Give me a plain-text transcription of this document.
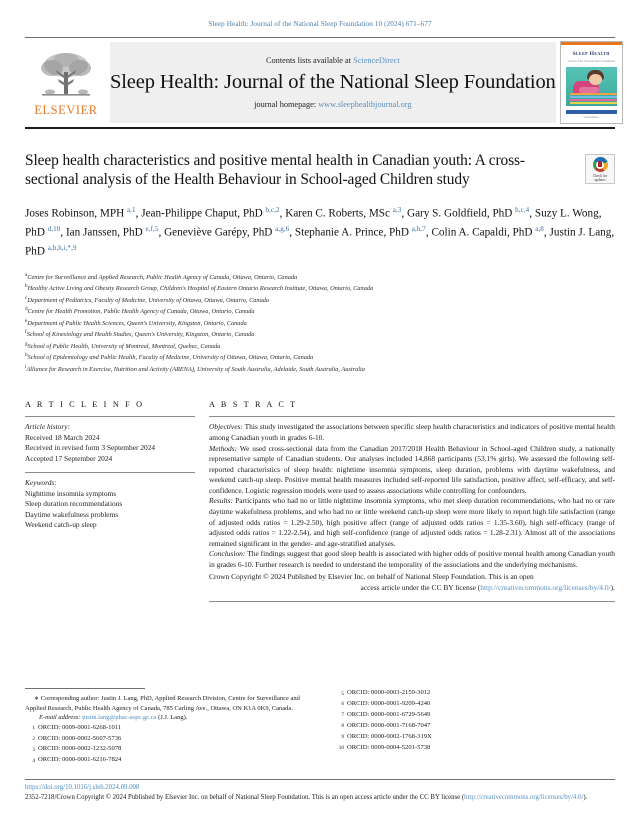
Sleep Health: Journal of the National Sleep Foundation 10 (2024) 671–677
ELSEVIER
Contents lists available at ScienceDirect
Sleep Health: Journal of the National Sleep Foundation
journal homepage: www.sleephealthjournal.org
Sleep Health
Journal of the National Sleep Foundation
ScienceDirect
Sleep health characteristics and positive mental health in Canadian youth: A cross-sectional analysis of the Health Behaviour in School-aged Children study	Check for
updates
Joses Robinson, MPH $^{a,1}$, Jean-Philippe Chaput, PhD $^{b,c,2}$, Karen C. Roberts, MSc $^{a,3}$, Gary S. Goldfield, PhD $^{b,c,4}$, Suzy L. Wong, PhD $^{d,10}$, Ian Janssen, PhD $^{e,f,5}$, Geneviève Garépy, PhD $^{a,g,6}$, Stephanie A. Prince, PhD $^{a,h,7}$, Colin A. Capaldi, PhD $^{a,8}$, Justin J. Lang, PhD $^{a,b,h,i,*,9}$
$^a$Centre for Surveillance and Applied Research, Public Health Agency of Canada, Ottawa, Ontario, Canada
$^b$Healthy Active Living and Obesity Research Group, Children's Hospital of Eastern Ontario Research Institute, Ottawa, Ontario, Canada
$^c$Department of Pediatrics, Faculty of Medicine, University of Ottawa, Ottawa, Ontario, Canada
$^d$Centre for Health Promotion, Public Health Agency of Canada, Ottawa, Ontario, Canada
$^e$Department of Public Health Sciences, Queen's University, Kingston, Ontario, Canada
$^f$School of Kinesiology and Health Studies, Queen's University, Kingston, Ontario, Canada
$^g$School of Public Health, University of Montreal, Montreal, Quebec, Canada
$^h$School of Epidemiology and Public Health, Faculty of Medicine, University of Ottawa, Ottawa, Ontario, Canada
$^i$Alliance for Research in Exercise, Nutrition and Activity (ARENA), University of South Australia, Adelaide, South Australia, Australia
A R T I C L E I N F O
Article history:
Received 18 March 2024
Received in revised form 3 September 2024
Accepted 17 September 2024
Keywords:
Nighttime insomnia symptoms
Sleep duration recommendations
Daytime wakefulness problems
Weekend catch-up sleep
A B S T R A C T

Objectives: This study investigated the associations between specific sleep health characteristics and indicators of positive mental health among Canadian youth in grades 6-10.

Methods: We used cross-sectional data from the Canadian 2017/2018 Health Behaviour in School-aged Children study, a nationally representative sample of Canadian students. Our analyses included 14,868 participants (53.1% girls). We assessed the following self-reported characteristics of sleep health: nighttime insomnia symptoms, sleep duration, problems with daytime wakefulness, and weekend catch-up sleep. Positive mental health measures included self-reported life satisfaction, positive affect, self-efficacy, and self-confidence. Logistic regression models were used to assess associations while controlling for confounders.

Results: Participants who had no or little nighttime insomnia symptoms, who met sleep duration recommendations, who had no or rare daytime wakefulness problems, and who had no or little weekend catch-up sleep were more likely to report high life satisfaction (range of adjusted odds ratios = 1.29-2.50), high positive affect (range of adjusted odds ratios = 1.35-3.60), high self-efficacy (range of adjusted odds ratios = 1.22-2.54), and high self-confidence (range of adjusted odds ratios = 1.28-2.31). Almost all of the associations remained significant in the gender- and age-stratified analyses.

Conclusion: The findings suggest that good sleep health is associated with higher odds of positive mental health among Canadian youth in grades 6-10. Further research is needed to understand the temporality of the associations and the underlying mechanisms.

Crown Copyright © 2024 Published by Elsevier Inc. on behalf of National Sleep Foundation. This is an open
access article under the CC BY license (http://creativecommons.org/licenses/by/4.0/).
∗ Corresponding author: Justin J. Lang, PhD, Applied Research Division, Centre for Surveillance and Applied Research, Public Health Agency of Canada, 785 Carling Ave., Ottawa, ON K1A 0K9, Canada.
E-mail address: justin.lang@phac-aspc.gc.ca (J.J. Lang).
1 ORCID: 0009-0001-6268-1011
2 ORCID: 0000-0002-5607-5736
3 ORCID: 0000-0002-1232-5078
4 ORCID: 0000-0001-6216-7824
5 ORCID: 0000-0003-2159-3012
6 ORCID: 0000-0001-9209-4240
7 ORCID: 0000-0001-6729-5649
8 ORCID: 0000-0001-7168-7047
9 ORCID: 0000-0002-1768-319X
10 ORCID: 0009-0004-5201-5738
https://doi.org/10.1016/j.sleh.2024.09.008
2352-7218/Crown Copyright © 2024 Published by Elsevier Inc. on behalf of National Sleep Foundation. This is an open access article under the CC BY license (http://creativecommons.org/licenses/by/4.0/).
